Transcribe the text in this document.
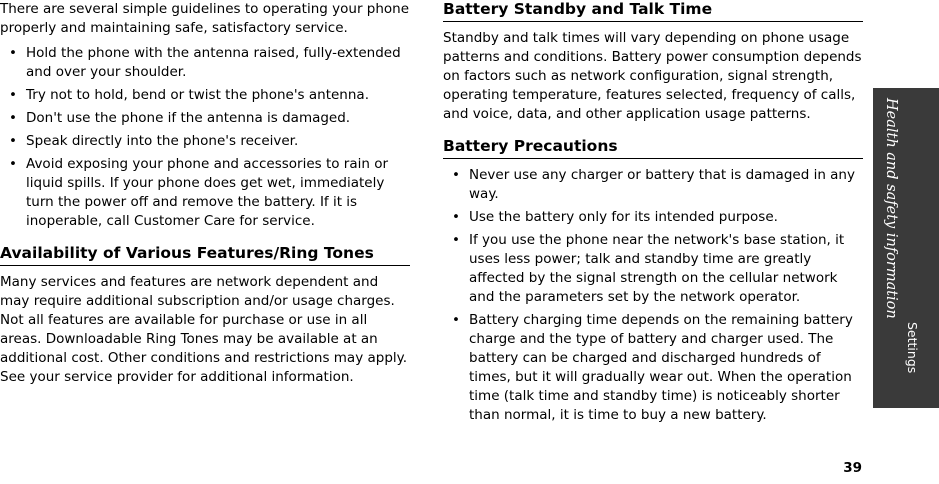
There are several simple guidelines to operating your phone properly and maintaining safe, satisfactory service.

• Hold the phone with the antenna raised, fully-extended and over your shoulder.
• Try not to hold, bend or twist the phone's antenna.
• Don't use the phone if the antenna is damaged.
• Speak directly into the phone's receiver.
• Avoid exposing your phone and accessories to rain or liquid spills. If your phone does get wet, immediately turn the power off and remove the battery. If it is inoperable, call Customer Care for service.
Availability of Various Features/Ring Tones

Many services and features are network dependent and may require additional subscription and/or usage charges. Not all features are available for purchase or use in all areas. Downloadable Ring Tones may be available at an additional cost. Other conditions and restrictions may apply. See your service provider for additional information.

Battery Standby and Talk Time

Standby and talk times will vary depending on phone usage patterns and conditions. Battery power consumption depends on factors such as network configuration, signal strength, operating temperature, features selected, frequency of calls, and voice, data, and other application usage patterns.

Battery Precautions
• Never use any charger or battery that is damaged in any way.
• Use the battery only for its intended purpose.
• If you use the phone near the network's base station, it uses less power; talk and standby time are greatly affected by the signal strength on the cellular network and the parameters set by the network operator.
• Battery charging time depends on the remaining battery charge and the type of battery and charger used. The battery can be charged and discharged hundreds of times, but it will gradually wear out. When the operation time (talk time and standby time) is noticeably shorter than normal, it is time to buy a new battery.
Health and safety information
Settings
39
